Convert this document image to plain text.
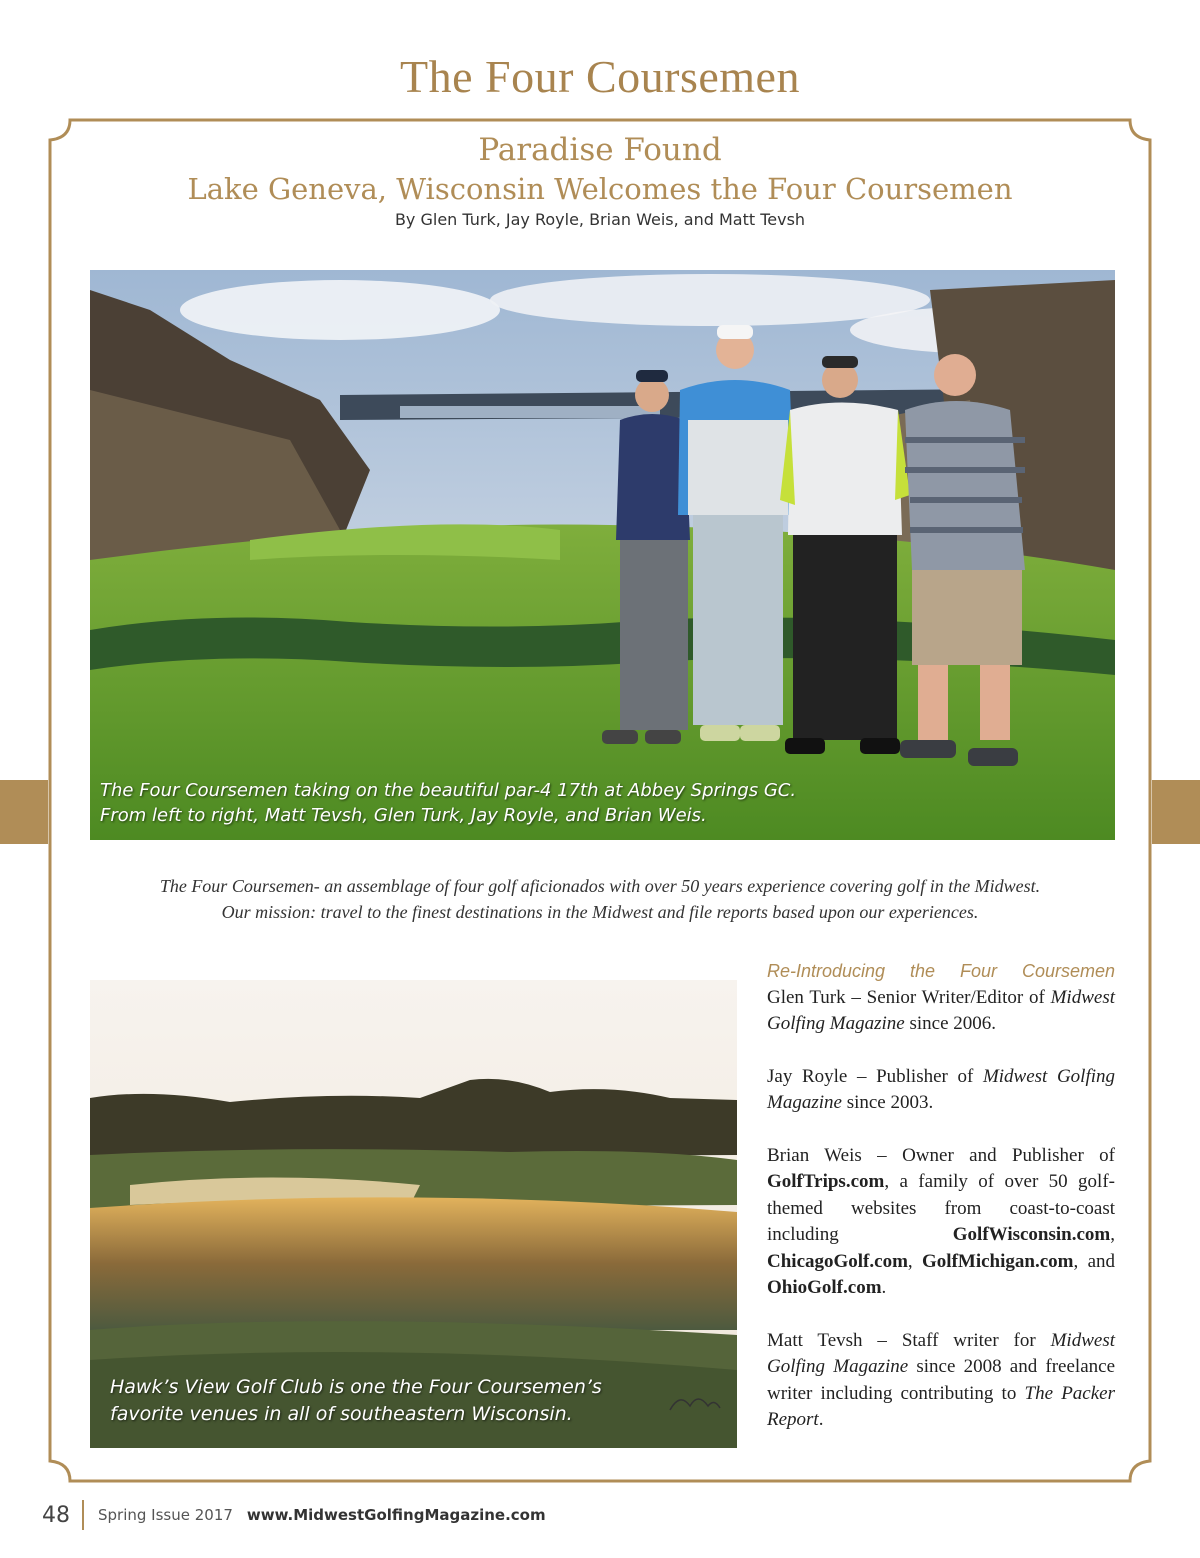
The Four Coursemen
Paradise Found
Lake Geneva, Wisconsin Welcomes the Four Coursemen
By Glen Turk, Jay Royle, Brian Weis, and Matt Tevsh
The Four Coursemen taking on the beautiful par-4 17th at Abbey Springs GC.
From left to right, Matt Tevsh, Glen Turk, Jay Royle, and Brian Weis.
The Four Coursemen- an assemblage of four golf aficionados with over 50 years experience covering golf in the Midwest.
Our mission: travel to the finest destinations in the Midwest and file reports based upon our experiences.
Hawk’s View Golf Club is one the Four Coursemen’s
favorite venues in all of southeastern Wisconsin.
Re-Introducing the Four Coursemen

Glen Turk – Senior Writer/Editor of Midwest Golfing Magazine since 2006.

Jay Royle – Publisher of Midwest Golfing Magazine since 2003.

Brian Weis – Owner and Publisher of GolfTrips.com, a family of over 50 golf-themed websites from coast-to-coast including	GolfWisconsin.com, ChicagoGolf.com, GolfMichigan.com, and OhioGolf.com.

Matt Tevsh – Staff writer for Midwest Golfing Magazine since 2008 and freelance writer including contributing to The Packer Report.

48 Spring Issue 2017 www.MidwestGolfingMagazine.com
